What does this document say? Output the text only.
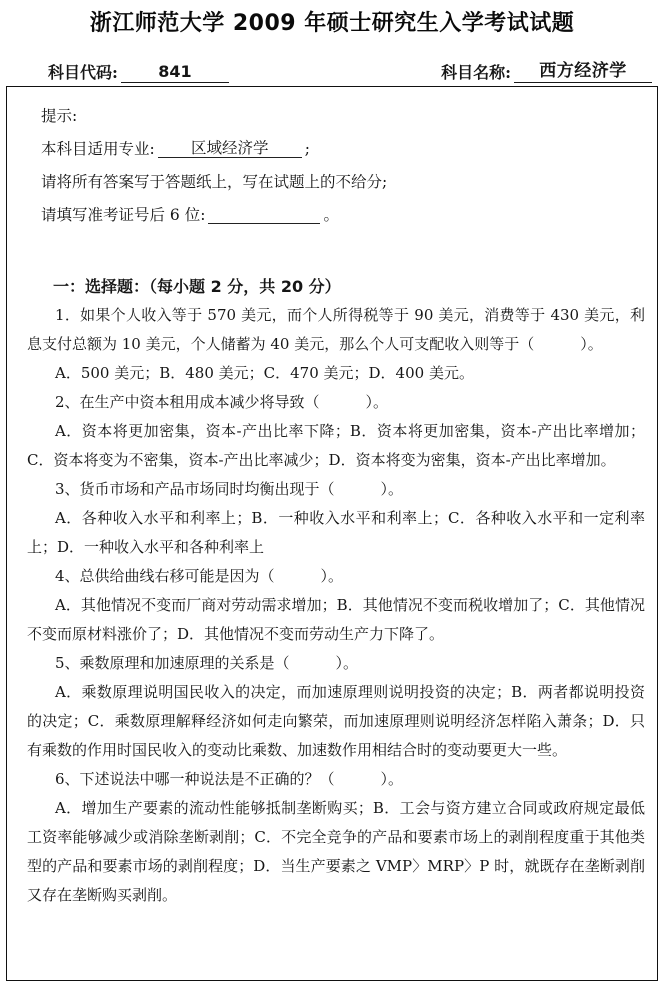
浙江师范大学 2009 年硕士研究生入学考试试题
科目代码:	841	科目名称:	西方经济学
提示:
本科目适用专业:	区域经济学	;
请将所有答案写于答题纸上，写在试题上的不给分;
请填写准考证号后 6 位:
	。
一：选择题：（每小题 2 分，共 20 分）

1．如果个人收入等于 570 美元，而个人所得税等于 90 美元，消费等于 430 美元，利息支付总额为 10 美元，个人储蓄为 40 美元，那么个人可支配收入则等于（	）。

A．500 美元；B．480 美元；C．470 美元；D．400 美元。

2、在生产中资本租用成本减少将导致（	）。

A．资本将更加密集，资本-产出比率下降；B．资本将更加密集，资本-产出比率增加；C．资本将变为不密集，资本-产出比率减少；D．资本将变为密集，资本-产出比率增加。

3、货币市场和产品市场同时均衡出现于（	）。

A．各种收入水平和利率上；B．一种收入水平和利率上；C．各种收入水平和一定利率上；D．一种收入水平和各种利率上

4、总供给曲线右移可能是因为（	）。

A．其他情况不变而厂商对劳动需求增加；B．其他情况不变而税收增加了；C．其他情况不变而原材料涨价了；D．其他情况不变而劳动生产力下降了。

5、乘数原理和加速原理的关系是（	）。

A．乘数原理说明国民收入的决定，而加速原理则说明投资的决定；B．两者都说明投资的决定；C．乘数原理解释经济如何走向繁荣，而加速原理则说明经济怎样陷入萧条；D．只有乘数的作用时国民收入的变动比乘数、加速数作用相结合时的变动要更大一些。

6、下述说法中哪一种说法是不正确的？（	）。

A．增加生产要素的流动性能够抵制垄断购买；B．工会与资方建立合同或政府规定最低工资率能够减少或消除垄断剥削；C．不完全竞争的产品和要素市场上的剥削程度重于其他类型的产品和要素市场的剥削程度；D．当生产要素之 VMP〉MRP〉P 时，就既存在垄断剥削又存在垄断购买剥削。
